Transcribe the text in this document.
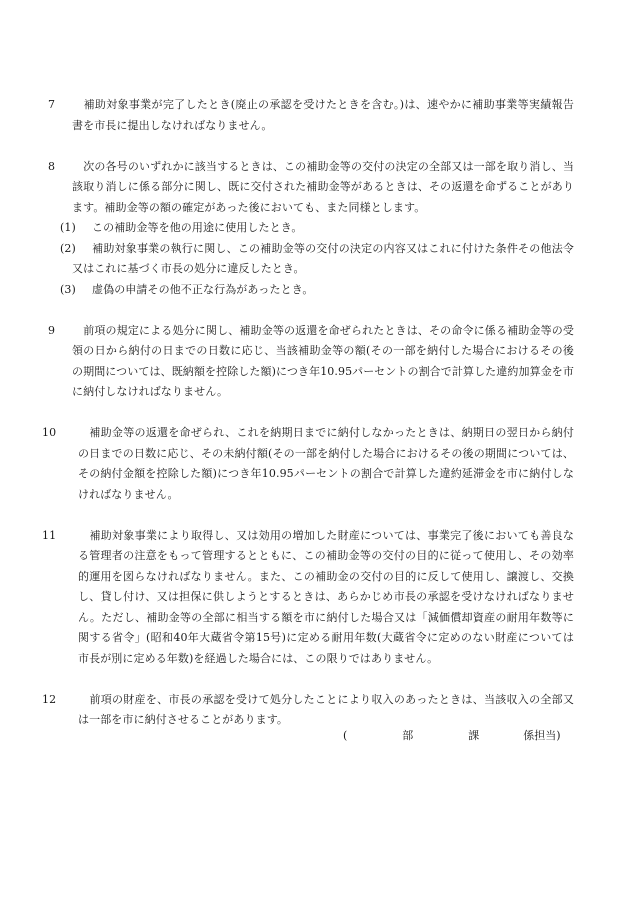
7　	補助対象事業が完了したとき(廃止の承認を受けたときを含む。)は、速やかに補助事業等実績報告書を市長に提出しなければなりません。

8　	次の各号のいずれかに該当するときは、この補助金等の交付の決定の全部又は一部を取り消し、当該取り消しに係る部分に関し、既に交付された補助金等があるときは、その返還を命ずることがあります。補助金等の額の確定があった後においても、また同様とします。

(1) この補助金等を他の用途に使用したとき。

(2) 補助対象事業の執行に関し、この補助金等の交付の決定の内容又はこれに付けた条件その他法令又はこれに基づく市長の処分に違反したとき。

(3) 虚偽の申請その他不正な行為があったとき。

9　	前項の規定による処分に関し、補助金等の返還を命ぜられたときは、その命令に係る補助金等の受領の日から納付の日までの日数に応じ、当該補助金等の額(その一部を納付した場合におけるその後の期間については、既納額を控除した額)につき年10.95パーセントの割合で計算した違約加算金を市に納付しなければなりません。

10　	補助金等の返還を命ぜられ、これを納期日までに納付しなかったときは、納期日の翌日から納付の日までの日数に応じ、その未納付額(その一部を納付した場合におけるその後の期間については、その納付金額を控除した額)につき年10.95パーセントの割合で計算した違約延滞金を市に納付しなければなりません。

11　	補助対象事業により取得し、又は効用の増加した財産については、事業完了後においても善良なる管理者の注意をもって管理するとともに、この補助金等の交付の目的に従って使用し、その効率的運用を図らなければなりません。また、この補助金の交付の目的に反して使用し、譲渡し、交換し、貸し付け、又は担保に供しようとするときは、あらかじめ市長の承認を受けなければなりません。ただし、補助金等の全部に相当する額を市に納付した場合又は「減価償却資産の耐用年数等に関する省令」(昭和40年大蔵省令第15号)に定める耐用年数(大蔵省令に定めのない財産については市長が別に定める年数)を経過した場合には、この限りではありません。

12　	前項の財産を、市長の承認を受けて処分したことにより収入のあったときは、当該収入の全部又は一部を市に納付させることがあります。

(　　　　　部　　　　　課　　　　係担当)
